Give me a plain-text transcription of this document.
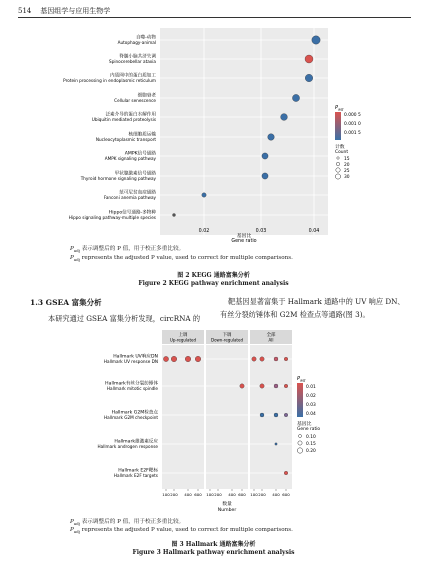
514 基因组学与应用生物学
自噬-动物
Autophagy-animal
脊髓小脑共济失调
Spinocerebellar ataxia
内质网中的蛋白质加工
Protein processing in endoplasmic reticulum
细胞衰老
Cellular senescence
泛素介导的蛋白水解作用
Ubiquitin mediated proteolysis
核细胞质运输
Nucleocytoplasmic transport
AMPK信号通路
AMPK signaling pathway
甲状腺激素信号通路
Thyroid hormone signaling pathway
范可尼贫血症通路
Fanconi anemia pathway
Hippo信号通路-多物种
Hippo signaling pathway-multiple species
0.02	0.03	0.04
基因比
Gene ratio
$P_{adj}$
0.000 5
0.001 0
0.001 5
计数
Count
15
20
25
30
$P_{adj}$ 表示调整后的 P 值，用于校正多重比较。
$P_{adj}$ represents the adjusted P value, used to correct for multiple comparisons.
图 2 KEGG 通路富集分析
Figure 2 KEGG pathway enrichment analysis
1.3 GSEA 富集分析
本研究通过 GSEA 富集分析发现，circRNA 的
靶基因显著富集于 Hallmark 通路中的 UV 响应 DN、
有丝分裂纺锤体和 G2M 检查点等通路(图 3)。
上调
Up-regulated
下调
Down-regulated
全部
All
Hallmark UV响应DN
Hallmark UV response DN
Hallmark有丝分裂纺锤体
Hallmark mitotic spindle
Hallmark G2M检查点
Hallmark G2M checkpoint
Hallmark雄激素反应
Hallmark androgen response
Hallmark E2F靶标
Hallmark E2F targets
100 200 400 600 100 200 400 600 100 200 400 600
数量
Number
$P_{adj}$
0.01
0.02
0.03
0.04
基因比
Gene ratio
0.10
0.15
0.20
$P_{adj}$ 表示调整后的 P 值，用于校正多重比较。
$P_{adj}$ represents the adjusted P value, used to correct for multiple comparisons.
图 3 Hallmark 通路富集分析
Figure 3 Hallmark pathway enrichment analysis
